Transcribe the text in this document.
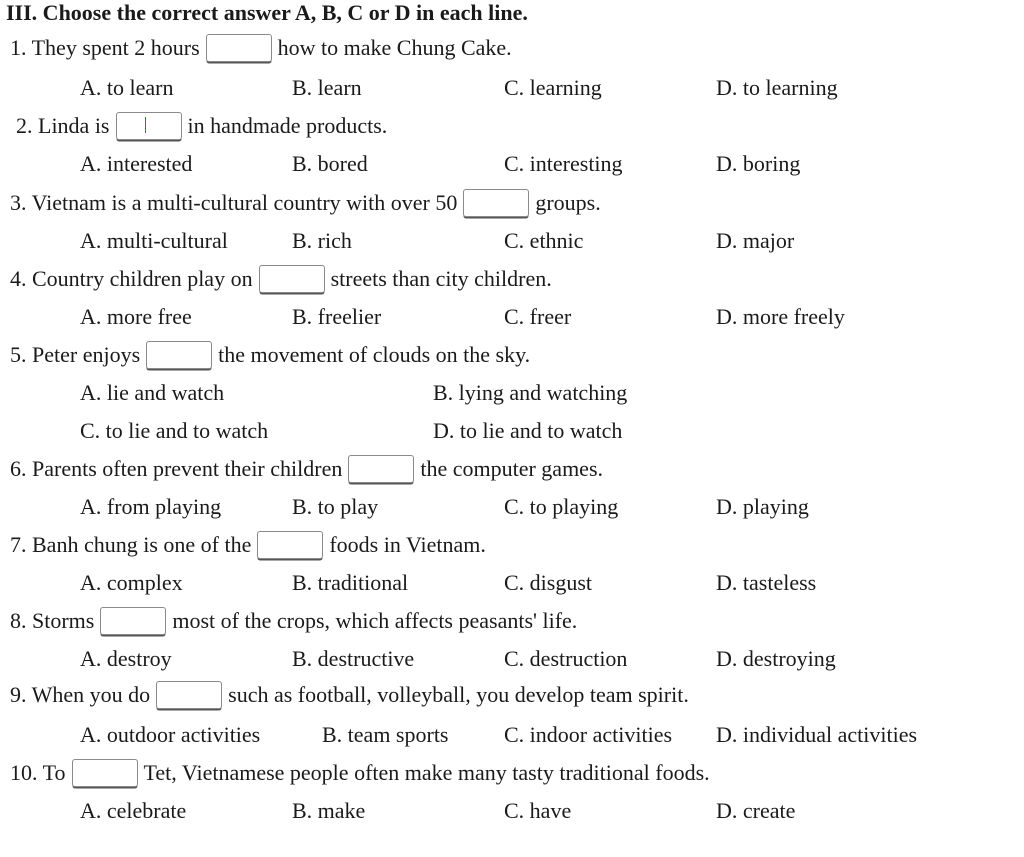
III. Choose the correct answer A, B, C or D in each line.
1. They spent 2 hours	how to make Chung Cake.
A. to learn	B. learn	C. learning	D. to learning
2. Linda is	in handmade products.
A. interested	B. bored	C. interesting	D. boring
3. Vietnam is a multi-cultural country with over 50	groups.
A. multi-cultural	B. rich	C. ethnic	D. major
4. Country children play on	streets than city children.
A. more free	B. freelier	C. freer	D. more freely
5. Peter enjoys	the movement of clouds on the sky.
A. lie and watch	B. lying and watching
C. to lie and to watch	D. to lie and to watch
6. Parents often prevent their children	the computer games.
A. from playing	B. to play	C. to playing	D. playing
7. Banh chung is one of the	foods in Vietnam.
A. complex	B. traditional	C. disgust	D. tasteless
8. Storms	most of the crops, which affects peasants' life.
A. destroy	B. destructive	C. destruction	D. destroying
9. When you do	such as football, volleyball, you develop team spirit.
A. outdoor activities	B. team sports	C. indoor activities D. individual activities
10. To	Tet, Vietnamese people often make many tasty traditional foods.
A. celebrate	B. make	C. have	D. create
